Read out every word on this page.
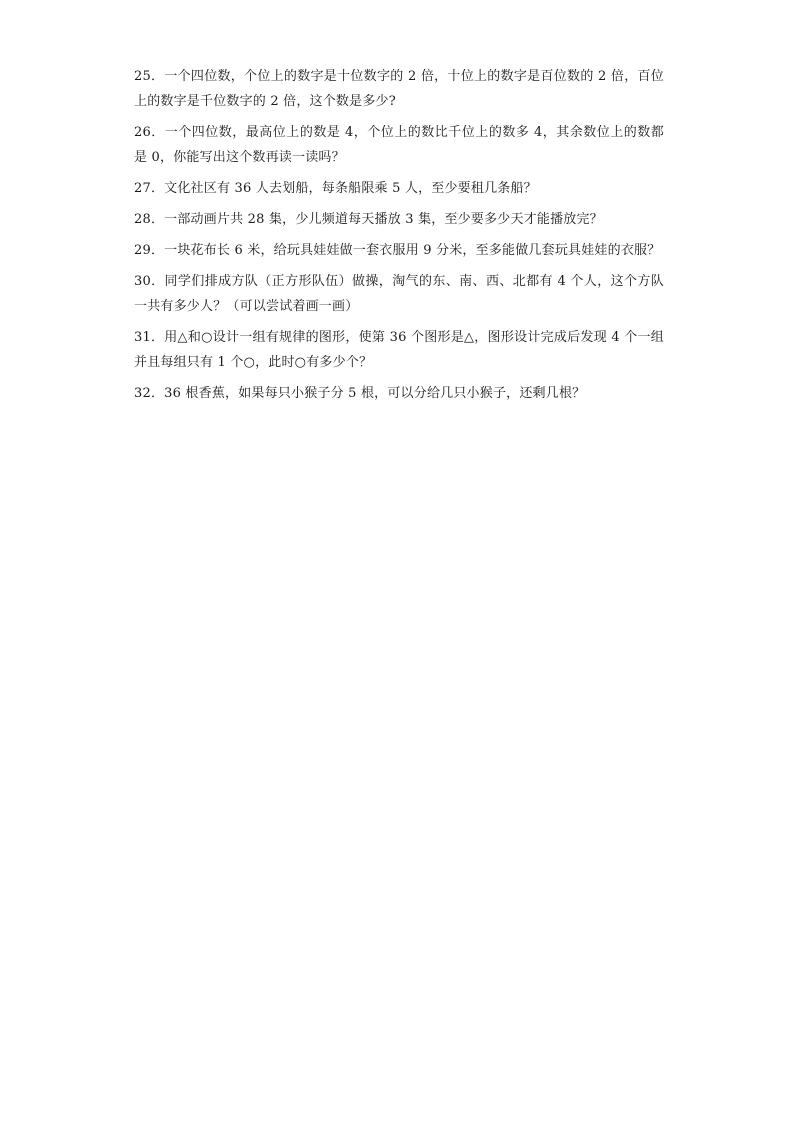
25．一个四位数，个位上的数字是十位数字的 2 倍，十位上的数字是百位数的 2 倍，百位上的数字是千位数字的 2 倍，这个数是多少?
26．一个四位数，最高位上的数是 4，个位上的数比千位上的数多 4，其余数位上的数都是 0，你能写出这个数再读一读吗？
27．文化社区有 36 人去划船，每条船限乘 5 人，至少要租几条船？
28．一部动画片共 28 集，少儿频道每天播放 3 集，至少要多少天才能播放完？
29．一块花布长 6 米，给玩具娃娃做一套衣服用 9 分米，至多能做几套玩具娃娃的衣服？
30．同学们排成方队（正方形队伍）做操，淘气的东、南、西、北都有 4 个人，这个方队一共有多少人？（可以尝试着画一画）
31．用△和○设计一组有规律的图形，使第 36 个图形是△，图形设计完成后发现 4 个一组并且每组只有 1 个○，此时○有多少个？
32．36 根香蕉，如果每只小猴子分 5 根，可以分给几只小猴子，还剩几根？
